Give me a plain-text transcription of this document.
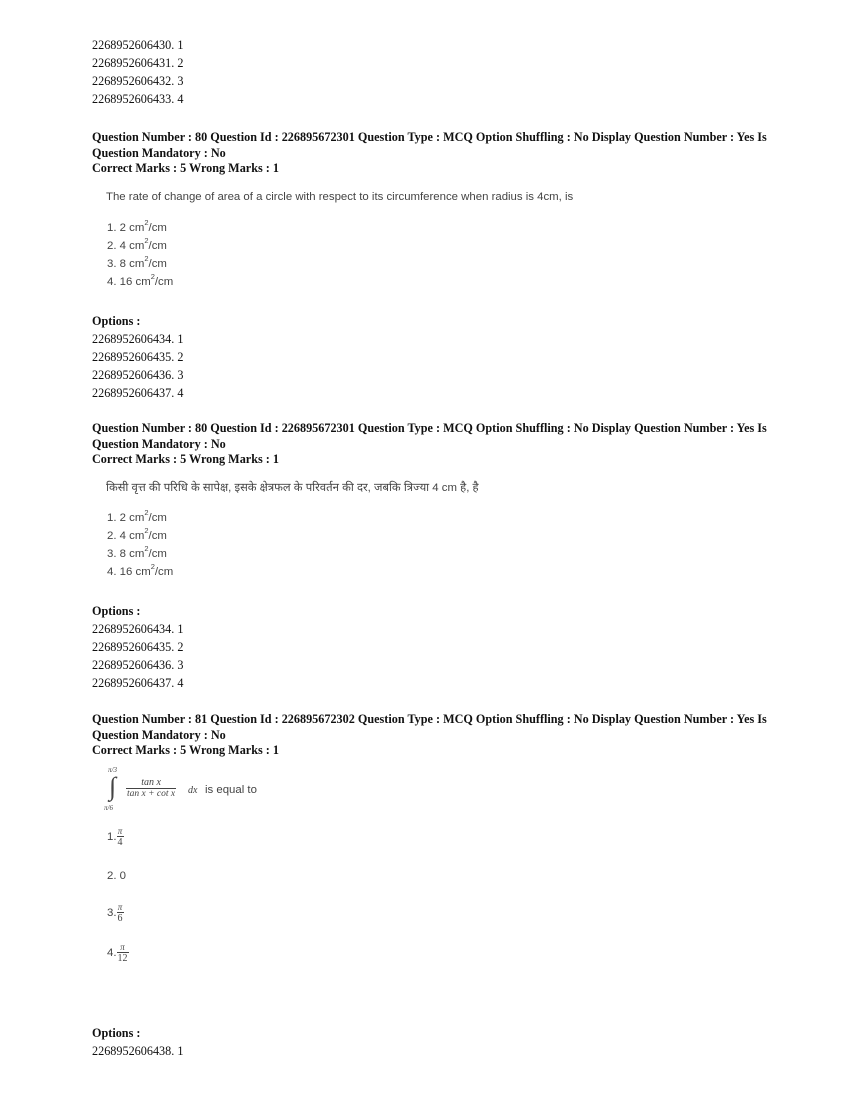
2268952606430. 1
2268952606431. 2
2268952606432. 3
2268952606433. 4
Question Number : 80 Question Id : 226895672301 Question Type : MCQ Option Shuffling : No Display Question Number : Yes Is
Question Mandatory : No
Correct Marks : 5 Wrong Marks : 1
The rate of change of area of a circle with respect to its circumference when radius is 4cm, is
1. 2 $cm^2/cm$
2. 4 $cm^2/cm$
3. 8 $cm^2/cm$
4. 16 $cm^2/cm$
Options :
2268952606434. 1
2268952606435. 2
2268952606436. 3
2268952606437. 4
Question Number : 80 Question Id : 226895672301 Question Type : MCQ Option Shuffling : No Display Question Number : Yes Is
Question Mandatory : No
Correct Marks : 5 Wrong Marks : 1
किसी वृत्त की परिधि के सापेक्ष, इसके क्षेत्रफल के परिवर्तन की दर, जबकि त्रिज्या 4 cm है, है
1. 2 $cm^2/cm$
2. 4 $cm^2/cm$
3. 8 $cm^2/cm$
4. 16 $cm^2/cm$
Options :
2268952606434. 1
2268952606435. 2
2268952606436. 3
2268952606437. 4
Question Number : 81 Question Id : 226895672302 Question Type : MCQ Option Shuffling : No Display Question Number : Yes Is
Question Mandatory : No
Correct Marks : 5 Wrong Marks : 1
π/3
∫
π/6
$\frac{\text{tan x}}{\text{tan x + cot x}}$ dx is equal to
1. $\frac{\pi}{4}$
2. 0
3. $\frac{\pi}{6}$
4. $\frac{\pi}{12}$
Options :
2268952606438. 1
